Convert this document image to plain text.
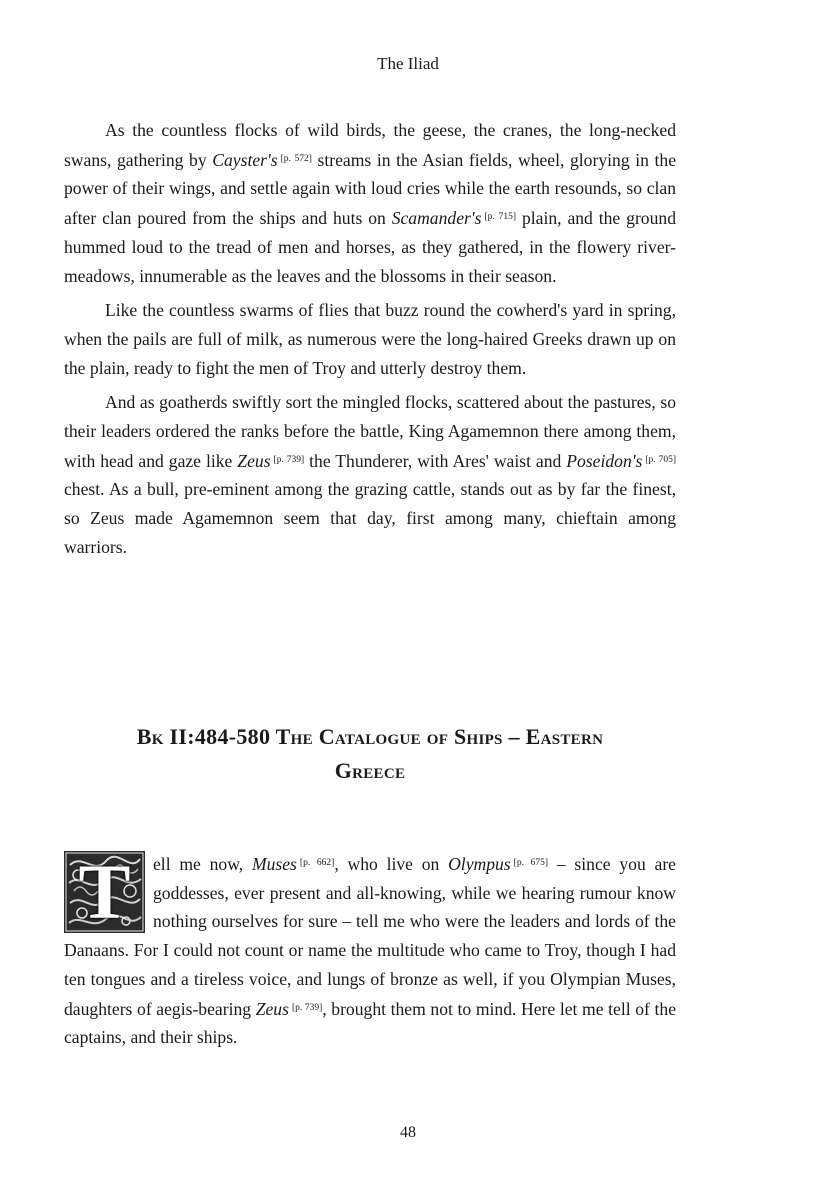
The Iliad

As the countless flocks of wild birds, the geese, the cranes, the long-necked swans, gathering by Cayster's [p. 572] streams in the Asian fields, wheel, glorying in the power of their wings, and settle again with loud cries while the earth resounds, so clan after clan poured from the ships and huts on Scamander's [p. 715] plain, and the ground hummed loud to the tread of men and horses, as they gathered, in the flowery river-meadows, innumerable as the leaves and the blossoms in their season.

Like the countless swarms of flies that buzz round the cowherd's yard in spring, when the pails are full of milk, as numerous were the long-haired Greeks drawn up on the plain, ready to fight the men of Troy and utterly destroy them.

And as goatherds swiftly sort the mingled flocks, scattered about the pastures, so their leaders ordered the ranks before the battle, King Agamemnon there among them, with head and gaze like Zeus [p. 739] the Thunderer, with Ares' waist and Poseidon's [p. 705] chest. As a bull, pre-eminent among the grazing cattle, stands out as by far the finest, so Zeus made Agamemnon seem that day, first among many, chieftain among warriors.

Bk II:484-580 The Catalogue of Ships – Eastern
Greece

T	ell me now, Muses [p. 662], who live on Olympus [p. 675] – since you are goddesses, ever present and all-knowing, while we hearing rumour know nothing ourselves for sure – tell me who were the leaders and lords of the Danaans. For I could not count or name the multitude who came to Troy, though I had ten tongues and a tireless voice, and lungs of bronze as well, if you Olympian Muses, daughters of aegis-bearing Zeus [p. 739], brought them not to mind. Here let me tell of the captains, and their ships.

48
